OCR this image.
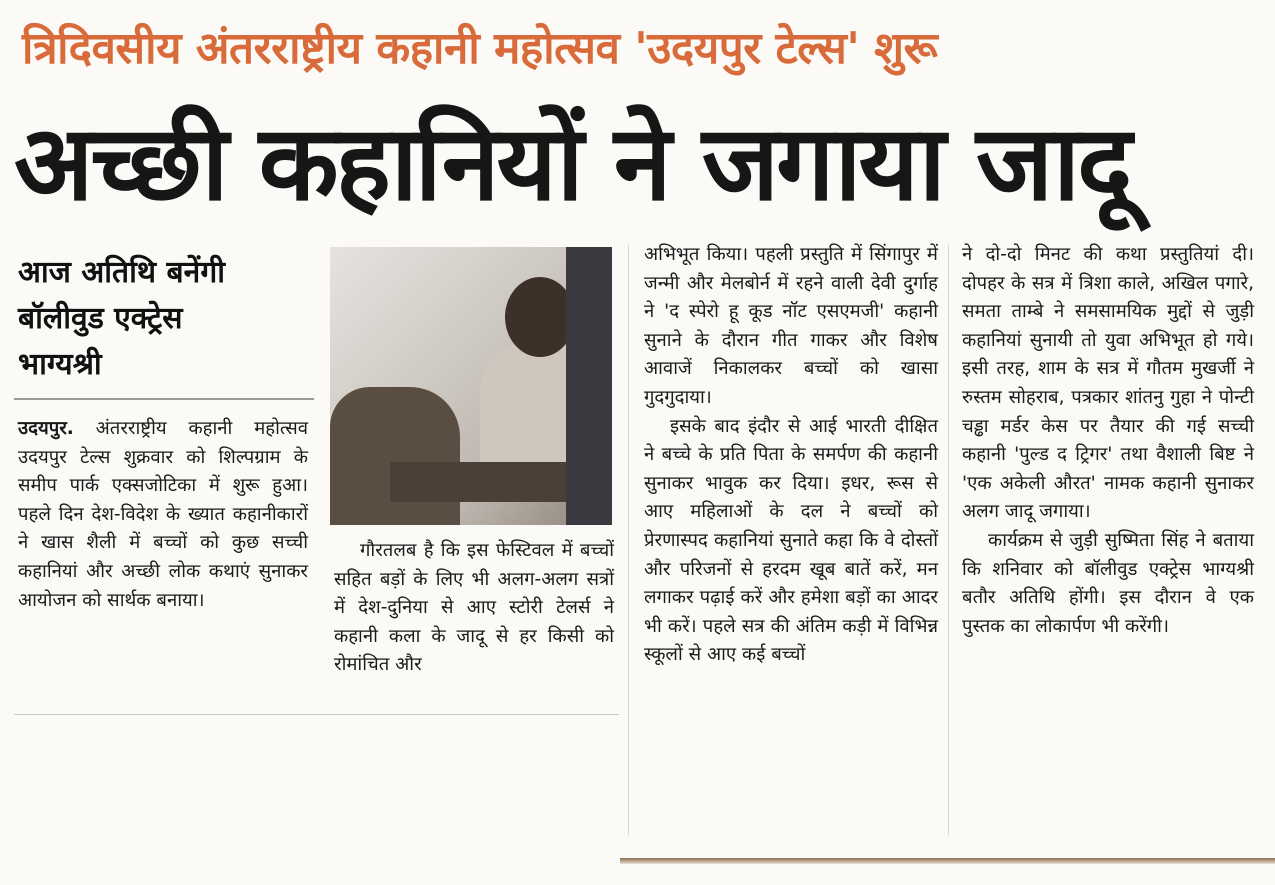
त्रिदिवसीय अंतरराष्ट्रीय कहानी महोत्सव 'उदयपुर टेल्स' शुरू
अच्छी कहानियों ने जगाया जादू
आज अतिथि बनेंगी
बॉलीवुड एक्ट्रेस
भाग्यश्री

उदयपुर. अंतरराष्ट्रीय कहानी महोत्सव उदयपुर टेल्स शुक्रवार को शिल्पग्राम के समीप पार्क एक्सजोटिका में शुरू हुआ। पहले दिन देश-विदेश के ख्यात कहानीकारों ने खास शैली में बच्चों को कुछ सच्ची कहानियां और अच्छी लोक कथाएं सुनाकर आयोजन को सार्थक बनाया।

गौरतलब है कि इस फेस्टिवल में बच्चों सहित बड़ों के लिए भी अलग-अलग सत्रों में देश-दुनिया से आए स्टोरी टेलर्स ने कहानी कला के जादू से हर किसी को रोमांचित और

अभिभूत किया। पहली प्रस्तुति में सिंगापुर में जन्मी और मेलबोर्न में रहने वाली देवी दुर्गाह ने 'द स्पेरो हू कूड नॉट एसएमजी' कहानी सुनाने के दौरान गीत गाकर और विशेष आवाजें निकालकर बच्चों को खासा गुदगुदाया।

इसके बाद इंदौर से आई भारती दीक्षित ने बच्चे के प्रति पिता के समर्पण की कहानी सुनाकर भावुक कर दिया। इधर, रूस से आए महिलाओं के दल ने बच्चों को प्रेरणास्पद कहानियां सुनाते कहा कि वे दोस्तों और परिजनों से हरदम खूब बातें करें, मन लगाकर पढ़ाई करें और हमेशा बड़ों का आदर भी करें। पहले सत्र की अंतिम कड़ी में विभिन्न स्कूलों से आए कई बच्चों

ने दो-दो मिनट की कथा प्रस्तुतियां दी। दोपहर के सत्र में त्रिशा काले, अखिल पगारे, समता ताम्बे ने समसामयिक मुद्दों से जुड़ी कहानियां सुनायी तो युवा अभिभूत हो गये। इसी तरह, शाम के सत्र में गौतम मुखर्जी ने रुस्तम सोहराब, पत्रकार शांतनु गुहा ने पोन्टी चड्ढा मर्डर केस पर तैयार की गई सच्ची कहानी 'पुल्ड द ट्रिगर' तथा वैशाली बिष्ट ने 'एक अकेली औरत' नामक कहानी सुनाकर अलग जादू जगाया।

कार्यक्रम से जुड़ी सुष्मिता सिंह ने बताया कि शनिवार को बॉलीवुड एक्ट्रेस भाग्यश्री बतौर अतिथि होंगी। इस दौरान वे एक पुस्तक का लोकार्पण भी करेंगी।
